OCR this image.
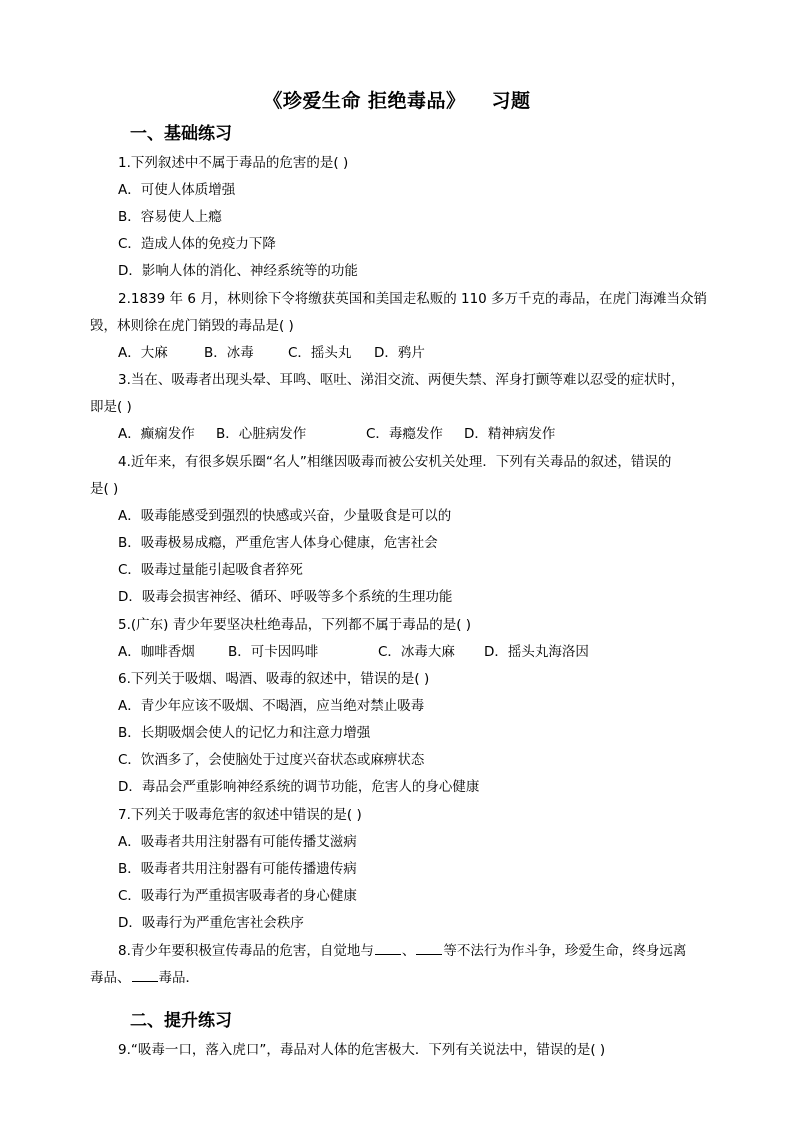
《珍爱生命 拒绝毒品》 习题
一、基础练习
1.下列叙述中不属于毒品的危害的是( )
A．可使人体质增强
B．容易使人上瘾
C．造成人体的免疫力下降
D．影响人体的消化、神经系统等的功能
2.1839 年 6 月，林则徐下令将缴获英国和美国走私贩的 110 多万千克的毒品，在虎门海滩当众销
毁，林则徐在虎门销毁的毒品是( )
A．大麻	B．冰毒	C．摇头丸 D．鸦片
3.当在、吸毒者出现头晕、耳鸣、呕吐、涕泪交流、两便失禁、浑身打颤等难以忍受的症状时，
即是( )
A．癫痫发作 B．心脏病发作	C．毒瘾发作 D．精神病发作
4.近年来，有很多娱乐圈“名人”相继因吸毒而被公安机关处理．下列有关毒品的叙述，错误的
是( )
A．吸毒能感受到强烈的快感或兴奋，少量吸食是可以的
B．吸毒极易成瘾，严重危害人体身心健康，危害社会
C．吸毒过量能引起吸食者猝死
D．吸毒会损害神经、循环、呼吸等多个系统的生理功能
5.(广东) 青少年要坚决杜绝毒品，下列都不属于毒品的是( )
A．咖啡香烟 B．可卡因吗啡	C．冰毒大麻 D．摇头丸海洛因
6.下列关于吸烟、喝酒、吸毒的叙述中，错误的是( )
A．青少年应该不吸烟、不喝酒，应当绝对禁止吸毒
B．长期吸烟会使人的记忆力和注意力增强
C．饮酒多了，会使脑处于过度兴奋状态或麻痹状态
D．毒品会严重影响神经系统的调节功能，危害人的身心健康
7.下列关于吸毒危害的叙述中错误的是( )
A．吸毒者共用注射器有可能传播艾滋病
B．吸毒者共用注射器有可能传播遗传病
C．吸毒行为严重损害吸毒者的身心健康
D．吸毒行为严重危害社会秩序
8.青少年要积极宣传毒品的危害，自觉地与 、 等不法行为作斗争，珍爱生命，终身远离
毒品、 毒品．
二、提升练习
9.“吸毒一口，落入虎口”，毒品对人体的危害极大．下列有关说法中，错误的是( )
